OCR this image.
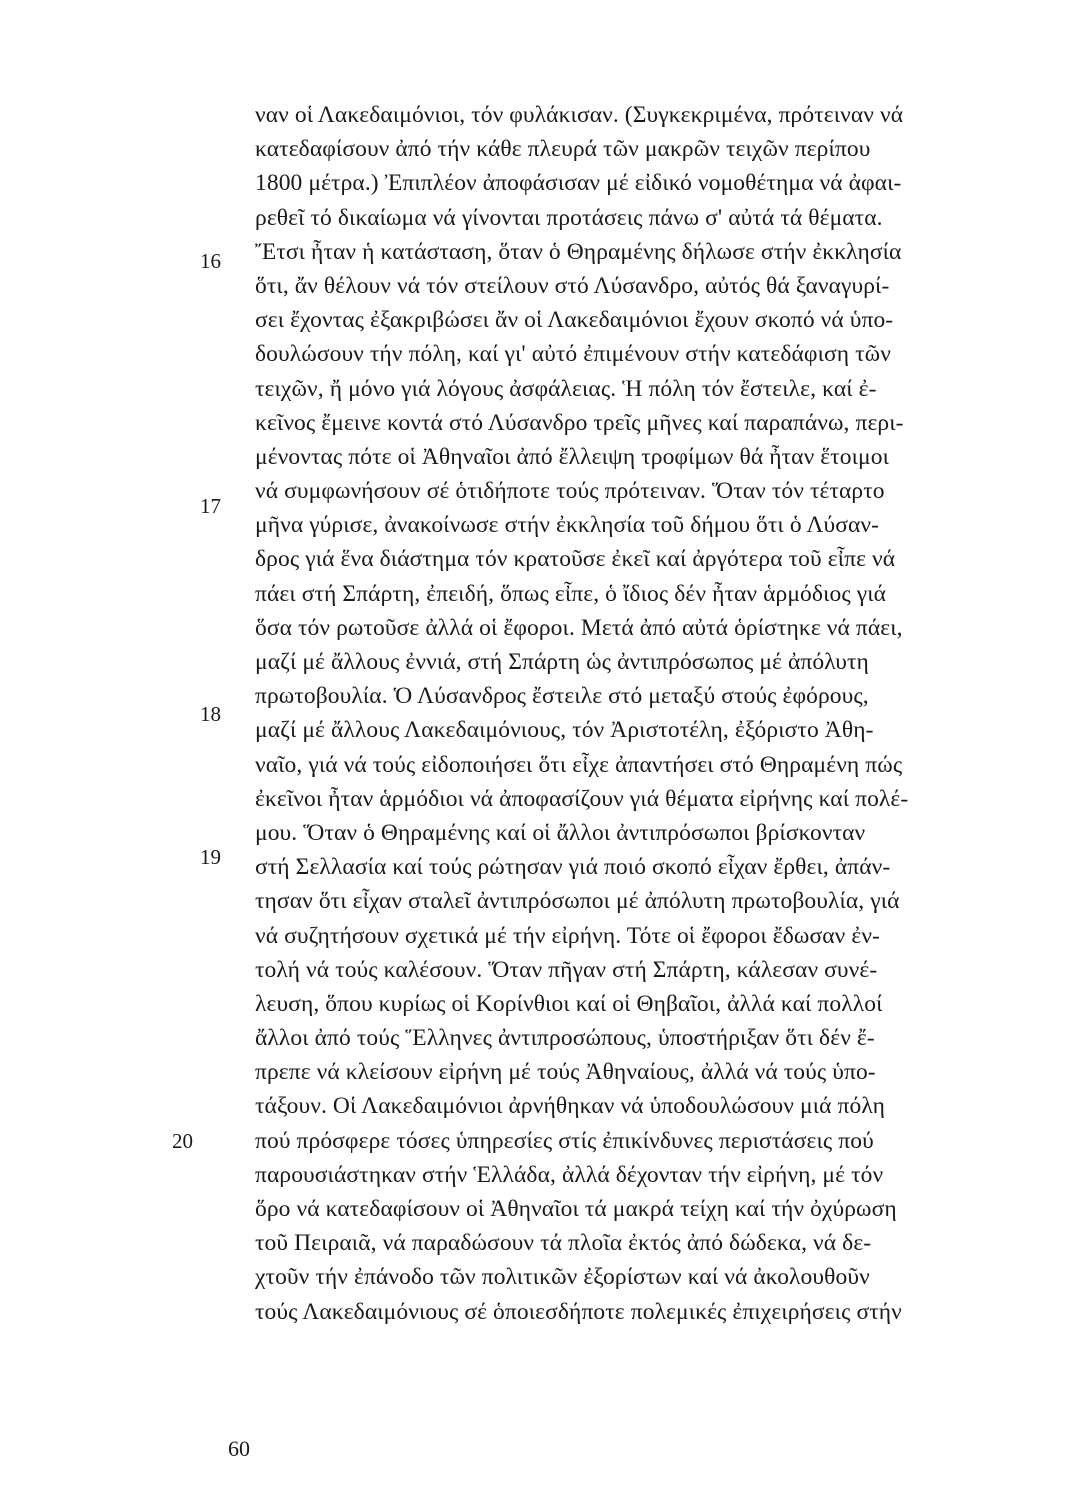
16
17
18
19
20
ναν οἱ Λακεδαιμόνιοι, τόν φυλάκισαν. (Συγκεκριμένα, πρότειναν νά
κατεδαφίσουν ἀπό τήν κάθε πλευρά τῶν μακρῶν τειχῶν περίπου
1800 μέτρα.) Ἐπιπλέον ἀποφάσισαν μέ εἰδικό νομοθέτημα νά ἀφαι-
ρεθεῖ τό δικαίωμα νά γίνονται προτάσεις πάνω σ' αὐτά τά θέματα.
Ἔτσι ἦταν ἡ κατάσταση, ὅταν ὁ Θηραμένης δήλωσε στήν ἐκκλησία
ὅτι, ἄν θέλουν νά τόν στείλουν στό Λύσανδρο, αὐτός θά ξαναγυρί-
σει ἔχοντας ἐξακριβώσει ἄν οἱ Λακεδαιμόνιοι ἔχουν σκοπό νά ὑπο-
δουλώσουν τήν πόλη, καί γι' αὐτό ἐπιμένουν στήν κατεδάφιση τῶν
τειχῶν, ἤ μόνο γιά λόγους ἀσφάλειας. Ἡ πόλη τόν ἔστειλε, καί ἐ-
κεῖνος ἔμεινε κοντά στό Λύσανδρο τρεῖς μῆνες καί παραπάνω, περι-
μένοντας πότε οἱ Ἀθηναῖοι ἀπό ἔλλειψη τροφίμων θά ἦταν ἕτοιμοι
νά συμφωνήσουν σέ ὁτιδήποτε τούς πρότειναν. Ὅταν τόν τέταρτο
μῆνα γύρισε, ἀνακοίνωσε στήν ἐκκλησία τοῦ δήμου ὅτι ὁ Λύσαν-
δρος γιά ἕνα διάστημα τόν κρατοῦσε ἐκεῖ καί ἀργότερα τοῦ εἶπε νά
πάει στή Σπάρτη, ἐπειδή, ὅπως εἶπε, ὁ ἴδιος δέν ἦταν ἁρμόδιος γιά
ὅσα τόν ρωτοῦσε ἀλλά οἱ ἔφοροι. Μετά ἀπό αὐτά ὁρίστηκε νά πάει,
μαζί μέ ἄλλους ἐννιά, στή Σπάρτη ὡς ἀντιπρόσωπος μέ ἀπόλυτη
πρωτοβουλία. Ὁ Λύσανδρος ἔστειλε στό μεταξύ στούς ἐφόρους,
μαζί μέ ἄλλους Λακεδαιμόνιους, τόν Ἀριστοτέλη, ἐξόριστο Ἀθη-
ναῖο, γιά νά τούς εἰδοποιήσει ὅτι εἶχε ἀπαντήσει στό Θηραμένη πώς
ἐκεῖνοι ἦταν ἁρμόδιοι νά ἀποφασίζουν γιά θέματα εἰρήνης καί πολέ-
μου. Ὅταν ὁ Θηραμένης καί οἱ ἄλλοι ἀντιπρόσωποι βρίσκονταν
στή Σελλασία καί τούς ρώτησαν γιά ποιό σκοπό εἶχαν ἔρθει, ἀπάν-
τησαν ὅτι εἶχαν σταλεῖ ἀντιπρόσωποι μέ ἀπόλυτη πρωτοβουλία, γιά
νά συζητήσουν σχετικά μέ τήν εἰρήνη. Τότε οἱ ἔφοροι ἔδωσαν ἐν-
τολή νά τούς καλέσουν. Ὅταν πῆγαν στή Σπάρτη, κάλεσαν συνέ-
λευση, ὅπου κυρίως οἱ Κορίνθιοι καί οἱ Θηβαῖοι, ἀλλά καί πολλοί
ἄλλοι ἀπό τούς Ἕλληνες ἀντιπροσώπους, ὑποστήριξαν ὅτι δέν ἔ-
πρεπε νά κλείσουν εἰρήνη μέ τούς Ἀθηναίους, ἀλλά νά τούς ὑπο-
τάξουν. Οἱ Λακεδαιμόνιοι ἀρνήθηκαν νά ὑποδουλώσουν μιά πόλη
πού πρόσφερε τόσες ὑπηρεσίες στίς ἐπικίνδυνες περιστάσεις πού
παρουσιάστηκαν στήν Ἑλλάδα, ἀλλά δέχονταν τήν εἰρήνη, μέ τόν
ὅρο νά κατεδαφίσουν οἱ Ἀθηναῖοι τά μακρά τείχη καί τήν ὀχύρωση
τοῦ Πειραιᾶ, νά παραδώσουν τά πλοῖα ἐκτός ἀπό δώδεκα, νά δε-
χτοῦν τήν ἐπάνοδο τῶν πολιτικῶν ἐξορίστων καί νά ἀκολουθοῦν
τούς Λακεδαιμόνιους σέ ὁποιεσδήποτε πολεμικές ἐπιχειρήσεις στήν
60
